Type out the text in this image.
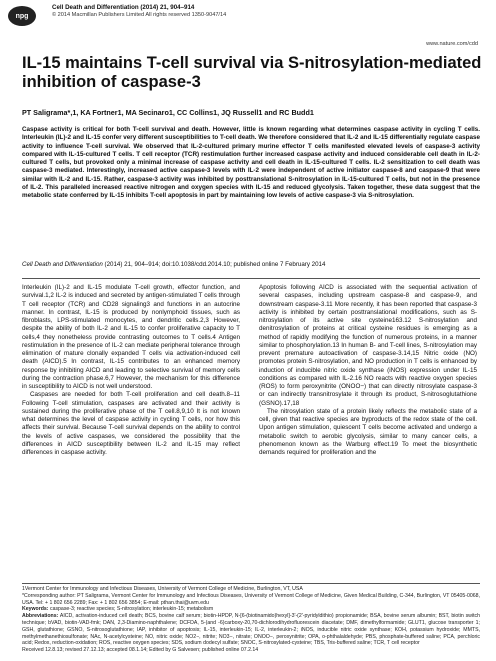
npg
Cell Death and Differentiation (2014) 21, 904–914
© 2014 Macmillan Publishers Limited All rights reserved 1350-9047/14
www.nature.com/cdd
IL-15 maintains T-cell survival via S-nitrosylation-mediated inhibition of caspase-3
PT Saligrama*,1, KA Fortner1, MA Secinaro1, CC Collins1, JQ Russell1 and RC Budd1
Caspase activity is critical for both T-cell survival and death. However, little is known regarding what determines caspase activity in cycling T cells. Interleukin (IL)-2 and IL-15 confer very different susceptibilities to T-cell death. We therefore considered that IL-2 and IL-15 differentially regulate caspase activity to influence T-cell survival. We observed that IL-2-cultured primary murine effector T cells manifested elevated levels of caspase-3 activity compared with IL-15-cultured T cells. T cell receptor (TCR) restimulation further increased caspase activity and induced considerable cell death in IL-2-cultured T cells, but provoked only a minimal increase of caspase activity and cell death in IL-15-cultured T cells. IL-2 sensitization to cell death was caspase-3 mediated. Interestingly, increased active caspase-3 levels with IL-2 were independent of active initiator caspase-8 and caspase-9 that were similar with IL-2 and IL-15. Rather, caspase-3 activity was inhibited by posttranslational S-nitrosylation in IL-15-cultured T cells, but not in the presence of IL-2. This paralleled increased reactive nitrogen and oxygen species with IL-15 and reduced glycolysis. Taken together, these data suggest that the metabolic state conferred by IL-15 inhibits T-cell apoptosis in part by maintaining low levels of active caspase-3 via S-nitrosylation.
Cell Death and Differentiation (2014) 21, 904–914; doi:10.1038/cdd.2014.10; published online 7 February 2014

Interleukin (IL)-2 and IL-15 modulate T-cell growth, effector function, and survival.1,2 IL-2 is induced and secreted by antigen-stimulated T cells through T cell receptor (TCR) and CD28 signaling3 and functions in an autocrine manner. In contrast, IL-15 is produced by nonlymphoid tissues, such as fibroblasts, LPS-stimulated monocytes, and dendritic cells.2,3 However, despite the ability of both IL-2 and IL-15 to confer proliferative capacity to T cells,4 they nonetheless provide contrasting outcomes to T cells.4 Antigen restimulation in the presence of IL-2 can mediate peripheral tolerance through elimination of mature clonally expanded T cells via activation-induced cell death (AICD).5 In contrast, IL-15 contributes to an enhanced memory response by inhibiting AICD and leading to selective survival of memory cells during the contraction phase.6,7 However, the mechanism for this difference in susceptibility to AICD is not well understood.

Caspases are needed for both T-cell proliferation and cell death.8–11 Following T-cell stimulation, caspases are activated and their activity is sustained during the proliferative phase of the T cell.8,9,10 It is not known what determines the level of caspase activity in cycling T cells, nor how this affects their survival. Because T-cell survival depends on the ability to control the levels of active caspases, we considered the possibility that the differences in AICD susceptibility between IL-2 and IL-15 may reflect differences in caspase activity.

Apoptosis following AICD is associated with the sequential activation of several caspases, including upstream caspase-8 and caspase-9, and downstream caspase-3.11 More recently, it has been reported that caspase-3 activity is inhibited by certain posttranslational modifications, such as S-nitrosylation of its active site cysteine163.12 S-nitrosylation and denitrosylation of proteins at critical cysteine residues is emerging as a method of rapidly modifying the function of numerous proteins, in a manner similar to phosphorylation.13 In human B- and T-cell lines, S-nitrosylation may prevent premature autoactivation of caspase-3.14,15 Nitric oxide (NO) promotes protein S-nitrosylation, and NO production in T cells is enhanced by induction of inducible nitric oxide synthase (iNOS) expression under IL-15 conditions as compared with IL-2.16 NO reacts with reactive oxygen species (ROS) to form peroxynitrite (ONOO−) that can directly nitrosylate caspase-3 or can indirectly transnitrosylate it through its product, S-nitrosoglutathione (GSNO).17,18

The nitrosylation state of a protein likely reflects the metabolic state of a cell, given that reactive species are byproducts of the redox state of the cell. Upon antigen stimulation, quiescent T cells become activated and undergo a metabolic switch to aerobic glycolysis, similar to many cancer cells, a phenomenon known as the Warburg effect.19 To meet the biosynthetic demands required for proliferation and the

1Vermont Center for Immunology and Infectious Diseases, University of Vermont College of Medicine, Burlington, VT, USA

*Corresponding author: PT Saligrama, Vermont Center for Immunology and Infectious Diseases, University of Vermont College of Medicine, Given Medical Building, C-344, Burlington, VT 05405-0068, USA. Tel: + 1 802 656 2289; Fax: + 1 802 656 3854; E-mail: pthan.thai@uvm.edu

Keywords: caspase-3; reactive species; S-nitrosylation; interleukin-15; metabolism

Abbreviations: AICD, activation-induced cell death; BCS, bovine calf serum; biotin-HPDP, N-[6-(biotinamido)hexyl]-3'-(2'-pyridyldithio) propionamide; BSA, bovine serum albumin; BST, biotin switch technique; bVAD, biotin-VAD-fmk; DAN, 2,3-Diamino-naphthalene; DCFDA, 5-(and -6)carboxy-20,70-dichlorodihydrofluorescein diacetate; DMF, dimethylformamide; GLUT1, glucose transporter 1; GSH, glutathione; GSNO, S-nitrosoglutathione; IAP, inhibitor of apoptosis; IL-15, interleukin-15; IL-2, interleukin-2; iNOS, inducible nitric oxide synthase; KOH, potassium hydroxide; MMTS, methylmethanethiosulfonate; NAc, N-acetylcysteine; NO, nitric oxide; NO2−, nitrite; NO3−, nitrate; ONOO−, peroxynitrite; OPA, o-phthalaldehyde; PBS, phosphate-buffered saline; PCA, perchloric acid; Redox, reduction-oxidation; ROS, reactive oxygen species; SDS, sodium dodecyl sulfate; SNOC, S-nitrosylated-cysteine; TBS, Tris-buffered saline; TCR, T cell receptor

Received 12.8.13; revised 27.12.13; accepted 08.1.14; Edited by G Salvesen; published online 07.2.14
